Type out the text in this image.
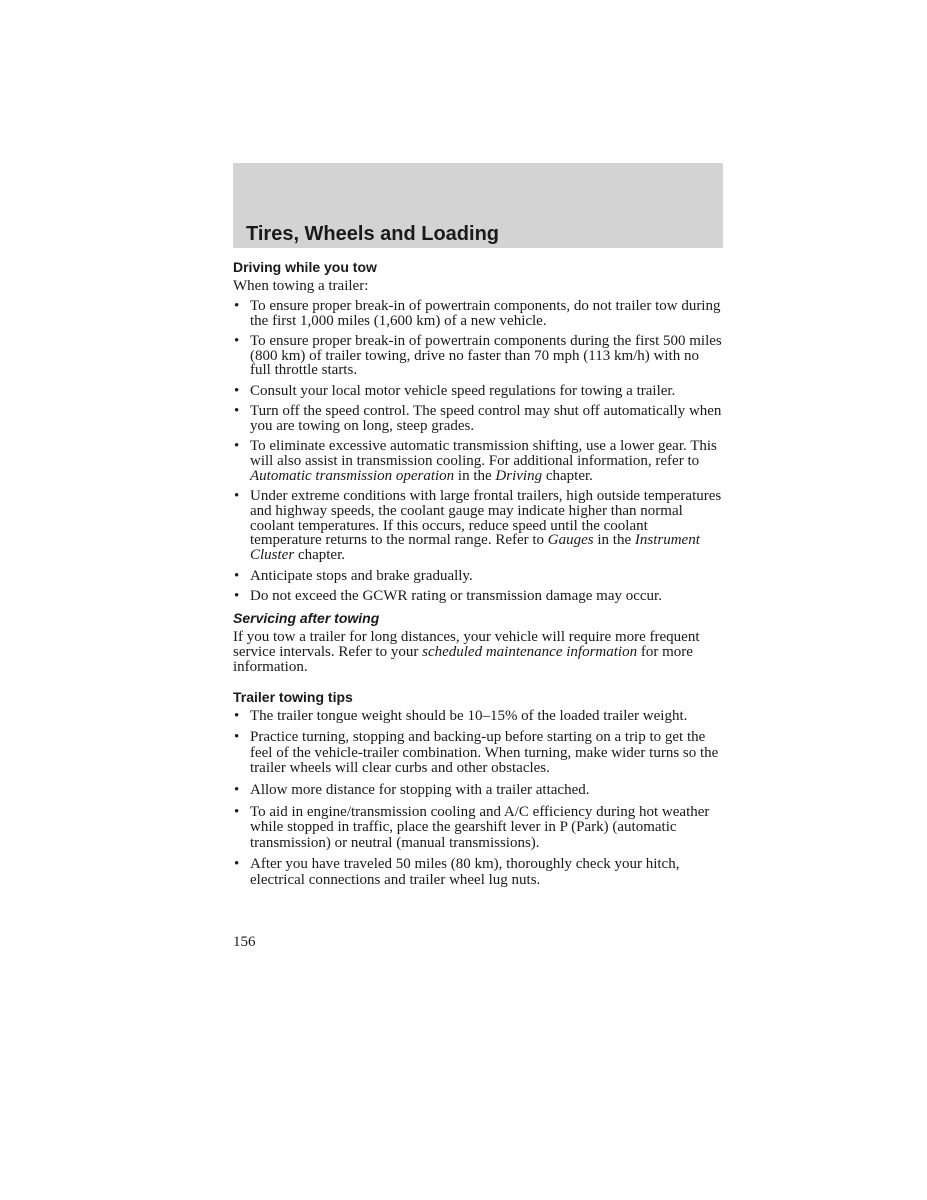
Tires, Wheels and Loading
Driving while you tow

When towing a trailer:

• To ensure proper break-in of powertrain components, do not trailer tow during the first 1,000 miles (1,600 km) of a new vehicle.
• To ensure proper break-in of powertrain components during the first 500 miles (800 km) of trailer towing, drive no faster than 70 mph (113 km/h) with no full throttle starts.
• Consult your local motor vehicle speed regulations for towing a trailer.
• Turn off the speed control. The speed control may shut off automatically when you are towing on long, steep grades.
• To eliminate excessive automatic transmission shifting, use a lower gear. This will also assist in transmission cooling. For additional information, refer to Automatic transmission operation in the Driving chapter.
• Under extreme conditions with large frontal trailers, high outside temperatures and highway speeds, the coolant gauge may indicate higher than normal coolant temperatures. If this occurs, reduce speed until the coolant temperature returns to the normal range. Refer to Gauges in the Instrument Cluster chapter.
• Anticipate stops and brake gradually.
• Do not exceed the GCWR rating or transmission damage may occur.
Servicing after towing

If you tow a trailer for long distances, your vehicle will require more frequent service intervals. Refer to your scheduled maintenance information for more information.

Trailer towing tips
• The trailer tongue weight should be 10–15% of the loaded trailer weight.
• Practice turning, stopping and backing-up before starting on a trip to get the feel of the vehicle-trailer combination. When turning, make wider turns so the trailer wheels will clear curbs and other obstacles.
• Allow more distance for stopping with a trailer attached.
• To aid in engine/transmission cooling and A/C efficiency during hot weather while stopped in traffic, place the gearshift lever in P (Park) (automatic transmission) or neutral (manual transmissions).
• After you have traveled 50 miles (80 km), thoroughly check your hitch, electrical connections and trailer wheel lug nuts.

156
